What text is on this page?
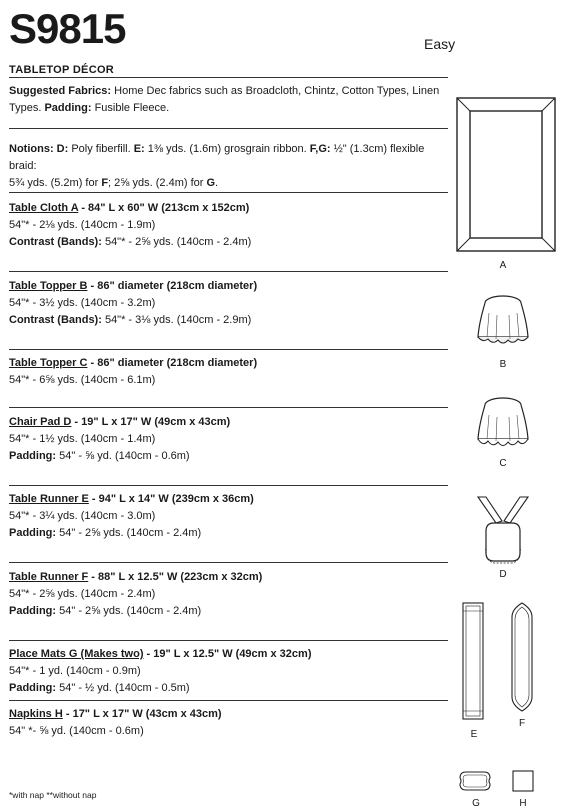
S9815	Easy
TABLETOP DÉCOR
Suggested Fabrics: Home Dec fabrics such as Broadcloth, Chintz, Cotton Types, Linen
Types. Padding: Fusible Fleece.
Notions: D: Poly fiberfill. E: 1⅜ yds. (1.6m) grosgrain ribbon. F,G: ½" (1.3cm) flexible braid:
5¾ yds. (5.2m) for F; 2⅝ yds. (2.4m) for G.
Table Cloth A - 84" L x 60" W (213cm x 152cm)
54"* - 2⅛ yds. (140cm - 1.9m)
Contrast (Bands): 54"* - 2⅝ yds. (140cm - 2.4m)
Table Topper B - 86" diameter (218cm diameter)
54"* - 3½ yds. (140cm - 3.2m)
Contrast (Bands): 54"* - 3⅛ yds. (140cm - 2.9m)
Table Topper C - 86" diameter (218cm diameter)
54"* - 6⅝ yds. (140cm - 6.1m)
Chair Pad D - 19" L x 17" W (49cm x 43cm)
54"* - 1½ yds. (140cm - 1.4m)
Padding: 54" - ⅝ yd. (140cm - 0.6m)
Table Runner E - 94" L x 14" W (239cm x 36cm)
54"* - 3¼ yds. (140cm - 3.0m)
Padding: 54" - 2⅝ yds. (140cm - 2.4m)
Table Runner F - 88" L x 12.5" W (223cm x 32cm)
54"* - 2⅝ yds. (140cm - 2.4m)
Padding: 54" - 2⅝ yds. (140cm - 2.4m)
Place Mats G (Makes two) - 19" L x 12.5" W (49cm x 32cm)
54"* - 1 yd. (140cm - 0.9m)
Padding: 54" - ½ yd. (140cm - 0.5m)
Napkins H - 17" L x 17" W (43cm x 43cm)
54" *- ⅝ yd. (140cm - 0.6m)
*with nap **without nap
A
B
C
D
E
F
G	H
